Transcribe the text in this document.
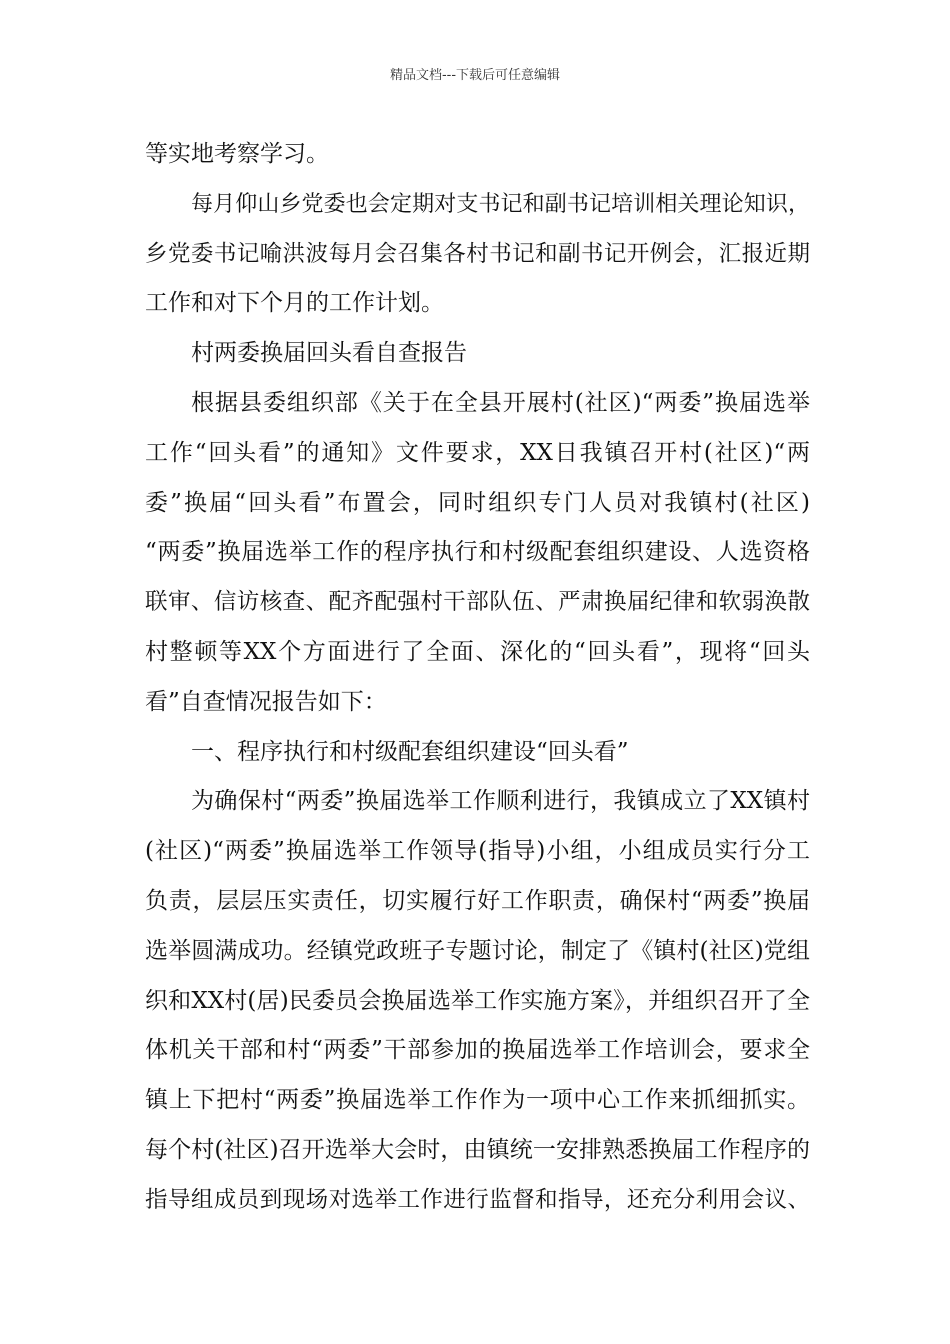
精品文档---下载后可任意编辑
等实地考察学习。
每月仰山乡党委也会定期对支书记和副书记培训相关理论知识，
乡党委书记喻洪波每月会召集各村书记和副书记开例会，汇报近期
工作和对下个月的工作计划。
村两委换届回头看自查报告
根据县委组织部《关于在全县开展村(社区)“两委”换届选举
工作“回头看”的通知》文件要求，XX日我镇召开村(社区)“两
委”换届“回头看”布置会，同时组织专门人员对我镇村(社区)
“两委”换届选举工作的程序执行和村级配套组织建设、人选资格
联审、信访核查、配齐配强村干部队伍、严肃换届纪律和软弱涣散
村整顿等XX个方面进行了全面、深化的“回头看”，现将“回头
看”自查情况报告如下：
一、程序执行和村级配套组织建设“回头看”
为确保村“两委”换届选举工作顺利进行，我镇成立了XX镇村
(社区)“两委”换届选举工作领导(指导)小组，小组成员实行分工
负责，层层压实责任，切实履行好工作职责，确保村“两委”换届
选举圆满成功。经镇党政班子专题讨论，制定了《镇村(社区)党组
织和XX村(居)民委员会换届选举工作实施方案》，并组织召开了全
体机关干部和村“两委”干部参加的换届选举工作培训会，要求全
镇上下把村“两委”换届选举工作作为一项中心工作来抓细抓实。
每个村(社区)召开选举大会时，由镇统一安排熟悉换届工作程序的
指导组成员到现场对选举工作进行监督和指导，还充分利用会议、
